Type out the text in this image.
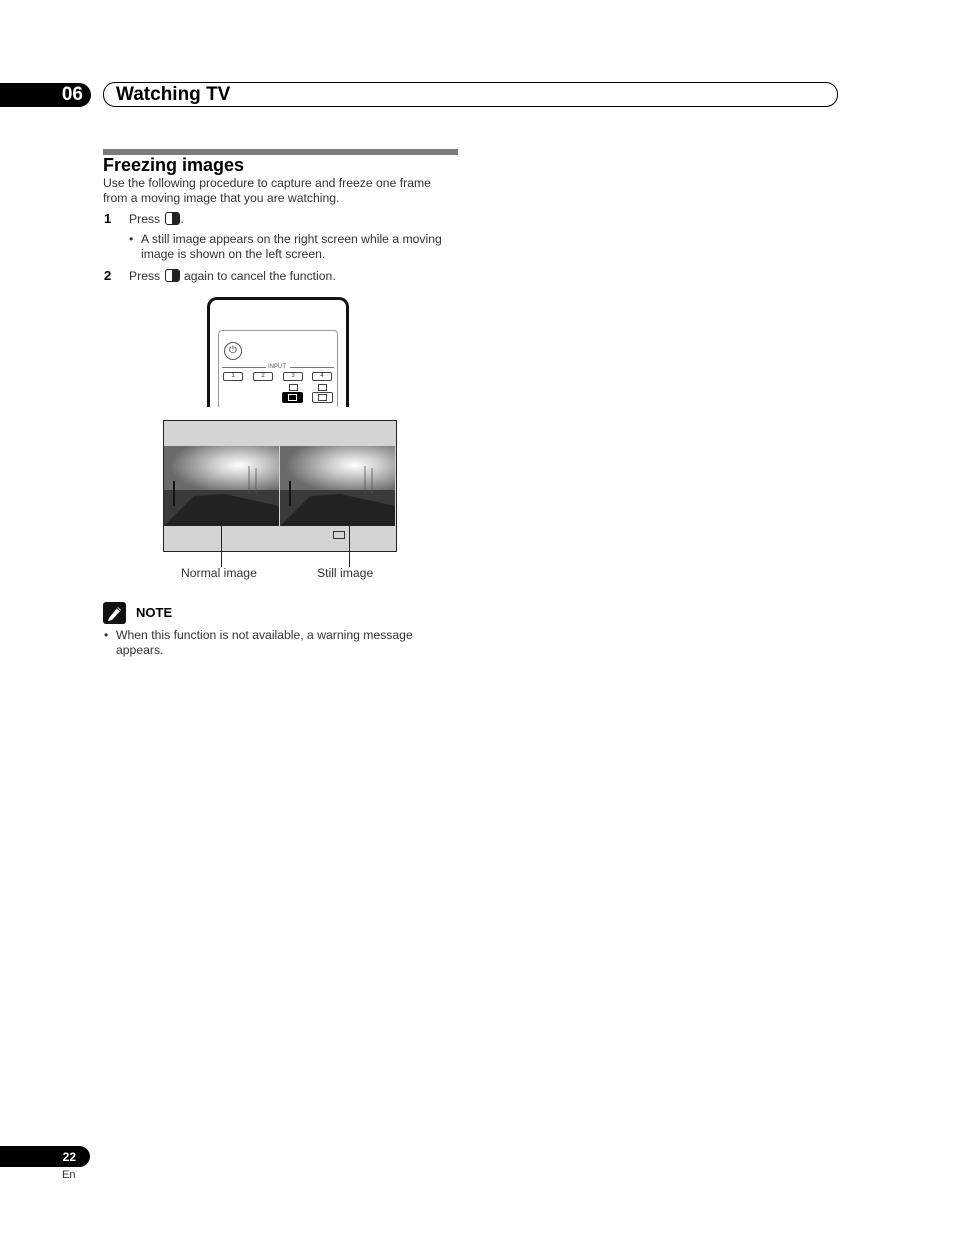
06 Watching TV
Freezing images
Use the following procedure to capture and freeze one frame
from a moving image that you are watching.
1 Press .
• A still image appears on the right screen while a moving
image is shown on the left screen.
2 Press again to cancel the function.
⏻
INPUT
1	2	3	4
Normal image	Still image
NOTE
• When this function is not available, a warning message
appears.
22
En
